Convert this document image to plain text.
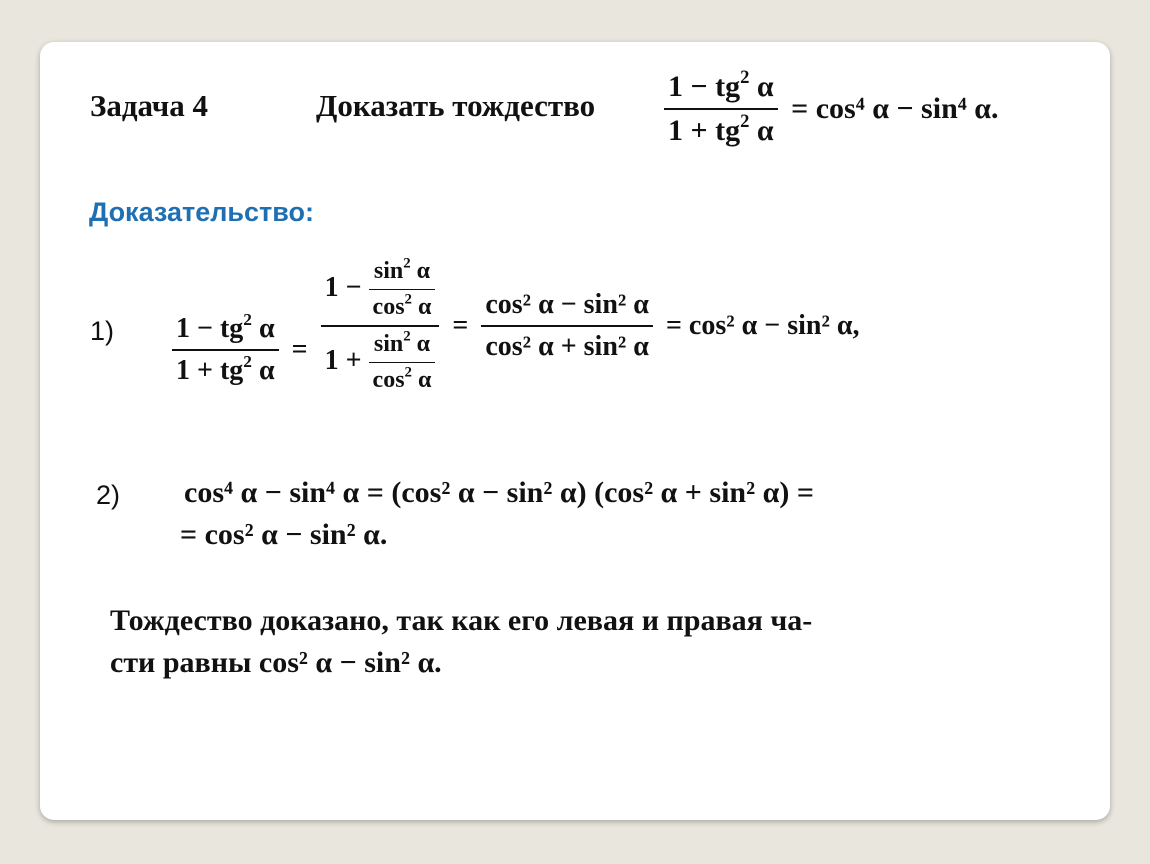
Задача 4	Доказать тождество $\frac{1 - tg^2 \alpha}{1 + tg^2 \alpha} = \cos^4$ α − sin⁴ α.
Доказательство:
$1) \frac{1 - tg^2 \alpha}{1 + tg^2 \alpha} = \frac{1 - \frac{\sin^2 \alpha}{\cos^2 \alpha}}{1 + \frac{\sin^2 \alpha}{\cos^2 \alpha}} = \frac{\text{cos² α − sin² α}}{\text{cos² α + sin² α}} = \cos^2$ α − sin² α,
2) cos⁴ α − sin⁴ α = (cos² α − sin² α) (cos² α + sin² α) =
= cos² α − sin² α.
Тождество доказано, так как его левая и правая ча-
сти равны cos² α − sin² α.
